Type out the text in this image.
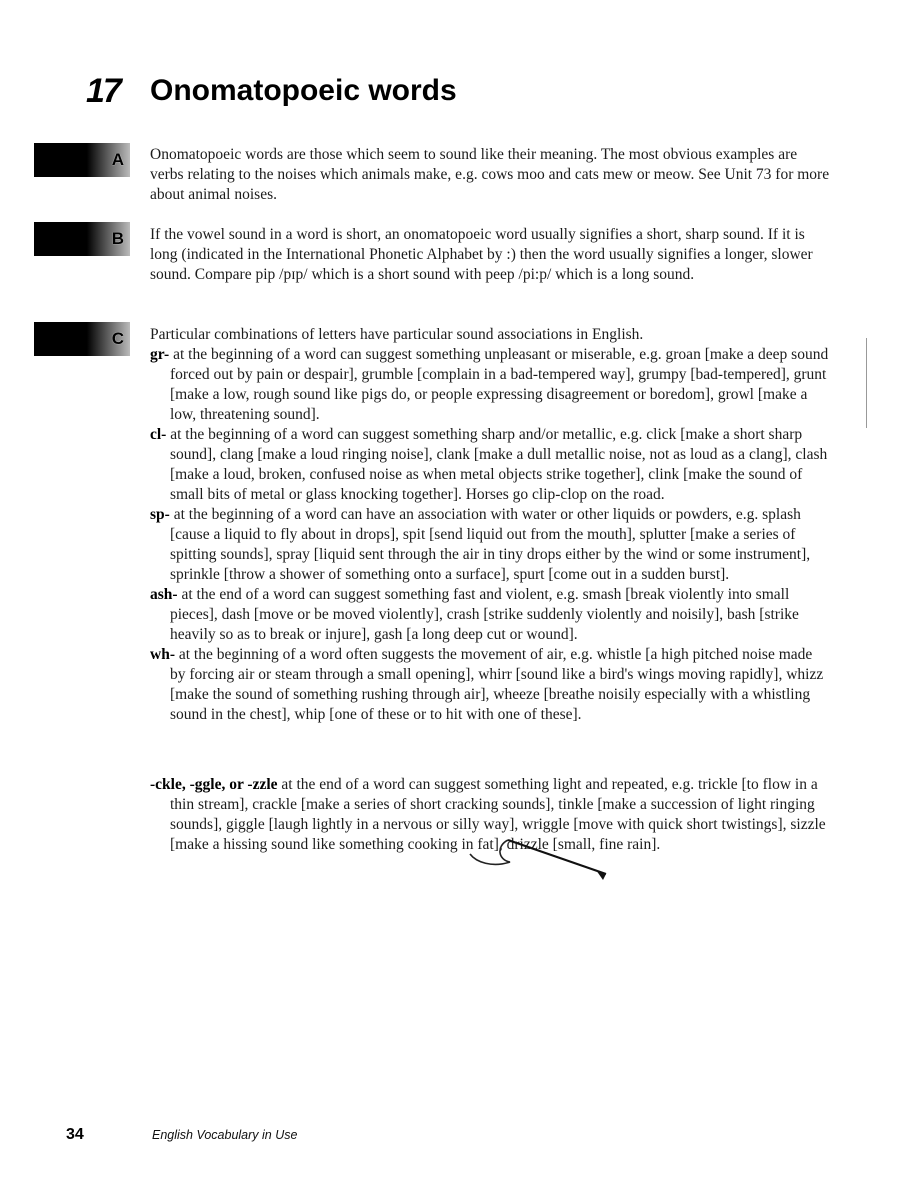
17	Onomatopoeic words
A	Onomatopoeic words are those which seem to sound like their meaning. The most obvious examples are verbs relating to the noises which animals make, e.g. cows moo and cats mew or meow. See Unit 73 for more about animal noises.

B	If the vowel sound in a word is short, an onomatopoeic word usually signifies a short, sharp sound. If it is long (indicated in the International Phonetic Alphabet by :) then the word usually signifies a longer, slower sound. Compare pip /pɪp/ which is a short sound with peep /pi:p/ which is a long sound.

C	Particular combinations of letters have particular sound associations in English.

gr- at the beginning of a word can suggest something unpleasant or miserable, e.g. groan [make a deep sound forced out by pain or despair], grumble [complain in a bad-tempered way], grumpy [bad-tempered], grunt [make a low, rough sound like pigs do, or people expressing disagreement or boredom], growl [make a low, threatening sound].

cl- at the beginning of a word can suggest something sharp and/or metallic, e.g. click [make a short sharp sound], clang [make a loud ringing noise], clank [make a dull metallic noise, not as loud as a clang], clash [make a loud, broken, confused noise as when metal objects strike together], clink [make the sound of small bits of metal or glass knocking together]. Horses go clip-clop on the road.

sp- at the beginning of a word can have an association with water or other liquids or powders, e.g. splash [cause a liquid to fly about in drops], spit [send liquid out from the mouth], splutter [make a series of spitting sounds], spray [liquid sent through the air in tiny drops either by the wind or some instrument], sprinkle [throw a shower of something onto a surface], spurt [come out in a sudden burst].

ash- at the end of a word can suggest something fast and violent, e.g. smash [break violently into small pieces], dash [move or be moved violently], crash [strike suddenly violently and noisily], bash [strike heavily so as to break or injure], gash [a long deep cut or wound].

wh- at the beginning of a word often suggests the movement of air, e.g. whistle [a high pitched noise made by forcing air or steam through a small opening], whirr [sound like a bird's wings moving rapidly], whizz [make the sound of something rushing through air], wheeze [breathe noisily especially with a whistling sound in the chest], whip [one of these or to hit with one of these].

-ckle, -ggle, or -zzle at the end of a word can suggest something light and repeated, e.g. trickle [to flow in a thin stream], crackle [make a series of short cracking sounds], tinkle [make a succession of light ringing sounds], giggle [laugh lightly in a nervous or silly way], wriggle [move with quick short twistings], sizzle [make a hissing sound like something cooking in fat], drizzle [small, fine rain].

34	English Vocabulary in Use
